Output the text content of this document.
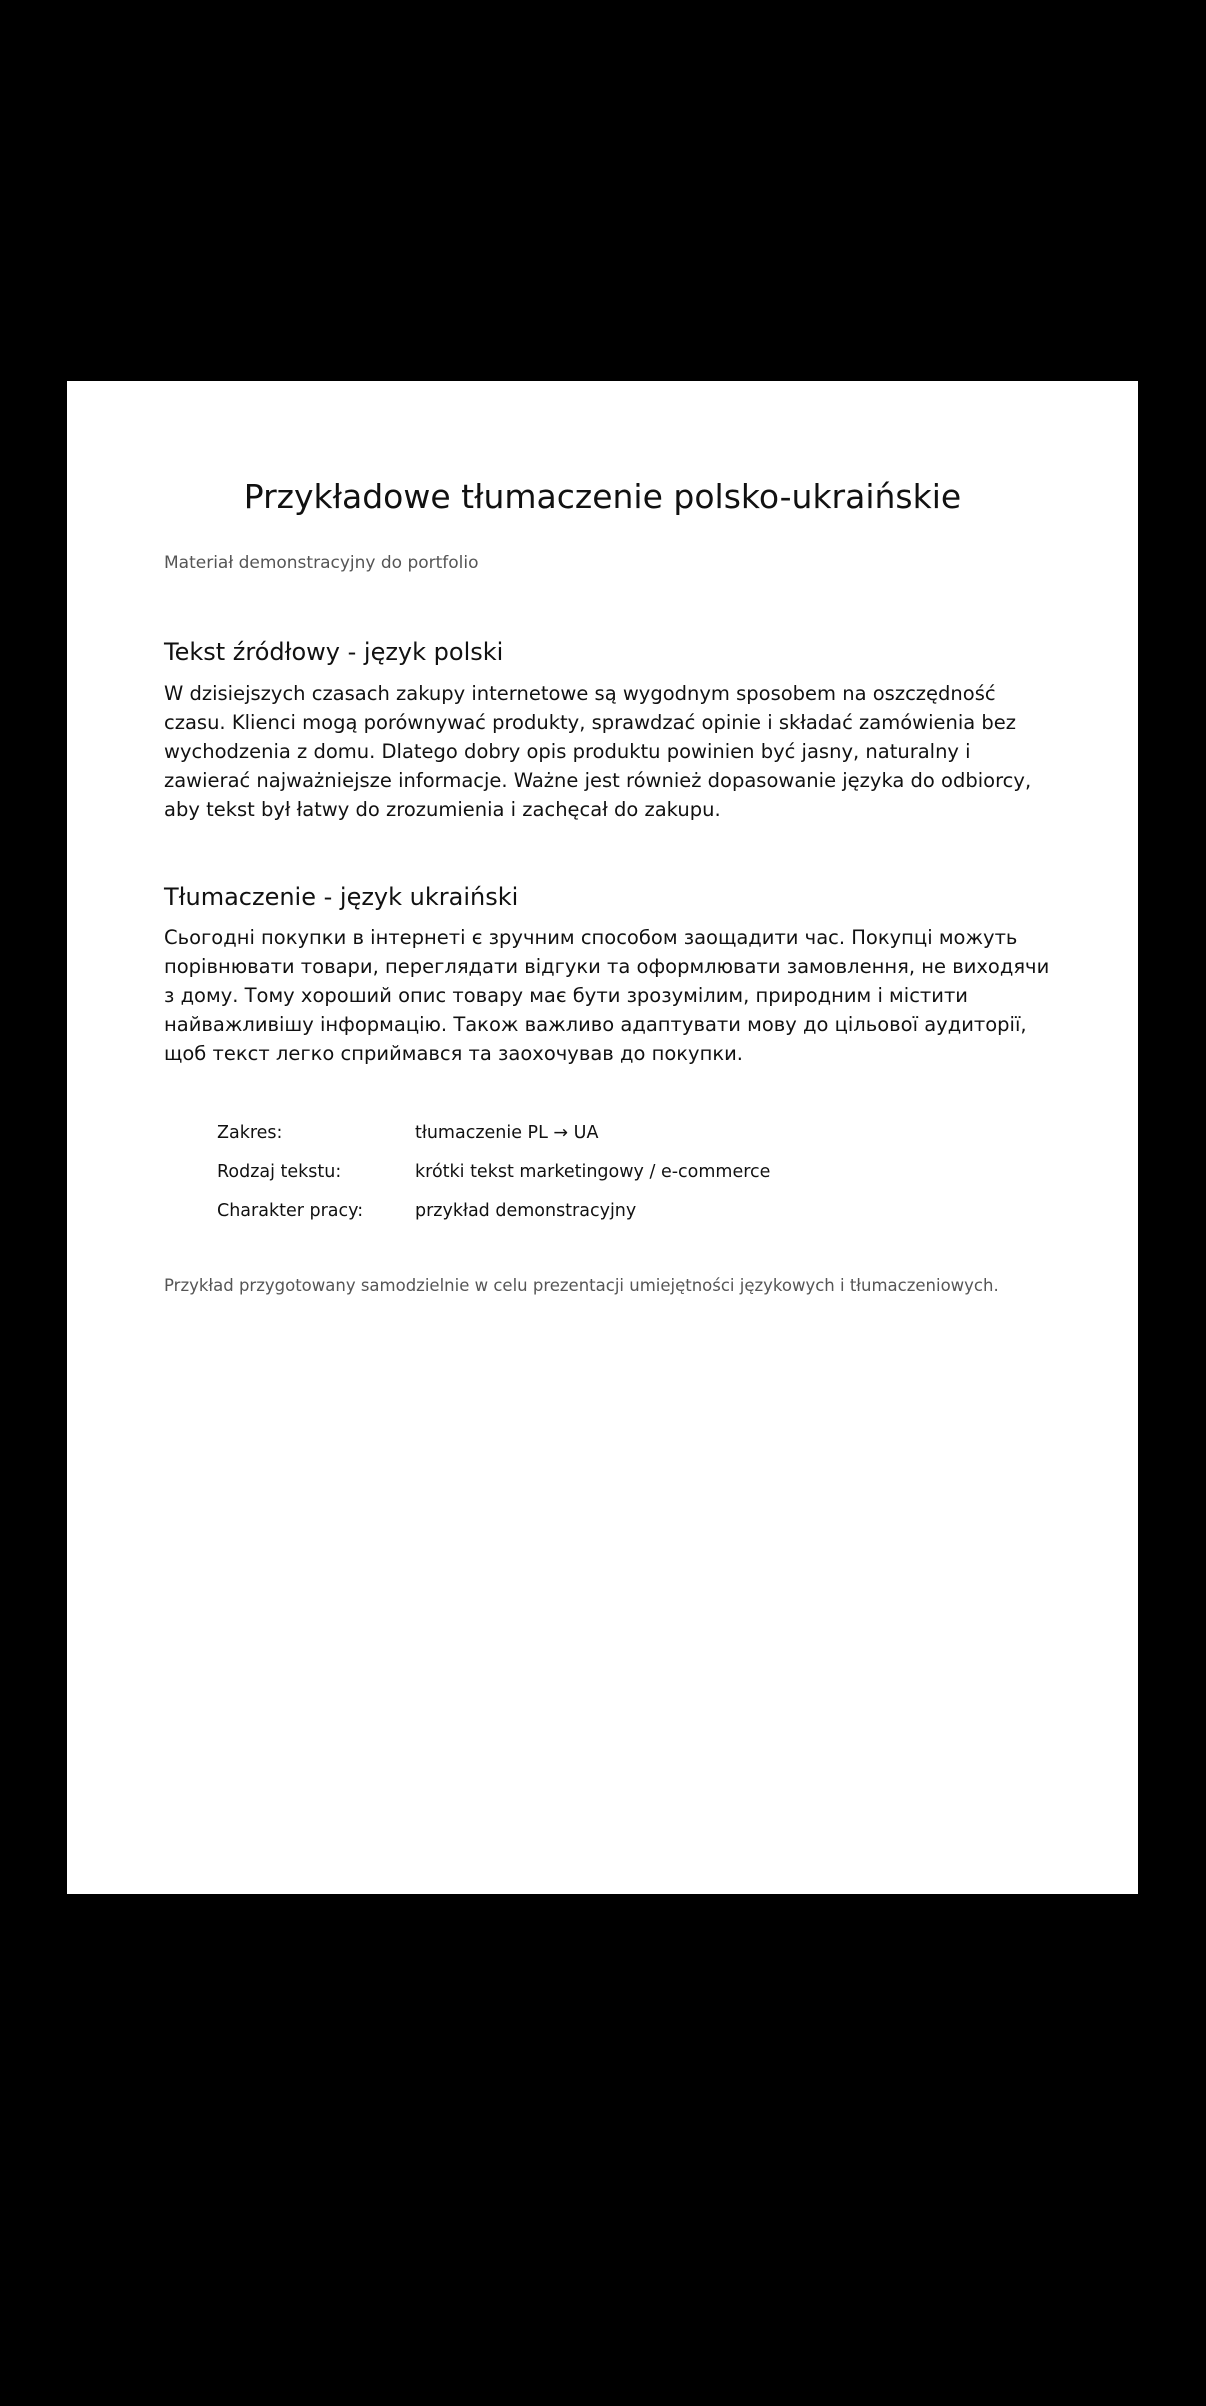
Przykładowe tłumaczenie polsko-ukraińskie

Materiał demonstracyjny do portfolio

Tekst źródłowy - język polski

W dzisiejszych czasach zakupy internetowe są wygodnym sposobem na oszczędność czasu. Klienci mogą porównywać produkty, sprawdzać opinie i składać zamówienia bez wychodzenia z domu. Dlatego dobry opis produktu powinien być jasny, naturalny i zawierać najważniejsze informacje. Ważne jest również dopasowanie języka do odbiorcy, aby tekst był łatwy do zrozumienia i zachęcał do zakupu.

Tłumaczenie - język ukraiński

Сьогодні покупки в інтернеті є зручним способом заощадити час. Покупці можуть порівнювати товари, переглядати відгуки та оформлювати замовлення, не виходячи з дому. Тому хороший опис товару має бути зрозумілим, природним і містити найважливішу інформацію. Також важливо адаптувати мову до цільової аудиторії, щоб текст легко сприймався та заохочував до покупки.

Zakres:	tłumaczenie PL → UA
Rodzaj tekstu:	krótki tekst marketingowy / e-commerce
Charakter pracy:	przykład demonstracyjny

Przykład przygotowany samodzielnie w celu prezentacji umiejętności językowych i tłumaczeniowych.
